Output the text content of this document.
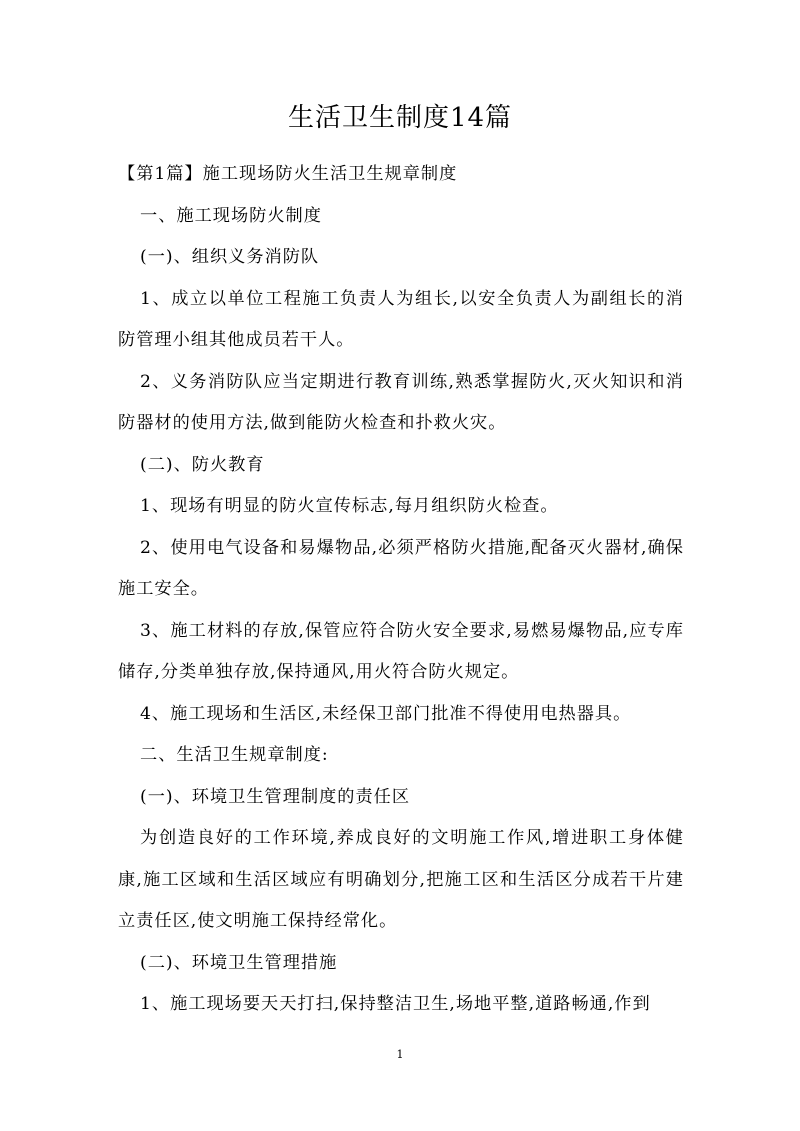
生活卫生制度14篇

【第1篇】施工现场防火生活卫生规章制度

一、施工现场防火制度

(一)、组织义务消防队

1、成立以单位工程施工负责人为组长,以安全负责人为副组长的消防管理小组其他成员若干人。

2、义务消防队应当定期进行教育训练,熟悉掌握防火,灭火知识和消防器材的使用方法,做到能防火检查和扑救火灾。

(二)、防火教育

1、现场有明显的防火宣传标志,每月组织防火检查。

2、使用电气设备和易爆物品,必须严格防火措施,配备灭火器材,确保施工安全。

3、施工材料的存放,保管应符合防火安全要求,易燃易爆物品,应专库储存,分类单独存放,保持通风,用火符合防火规定。

4、施工现场和生活区,未经保卫部门批准不得使用电热器具。

二、生活卫生规章制度:

(一)、环境卫生管理制度的责任区

为创造良好的工作环境,养成良好的文明施工作风,增进职工身体健康,施工区域和生活区域应有明确划分,把施工区和生活区分成若干片建立责任区,使文明施工保持经常化。

(二)、环境卫生管理措施

1、施工现场要天天打扫,保持整洁卫生,场地平整,道路畅通,作到

1
